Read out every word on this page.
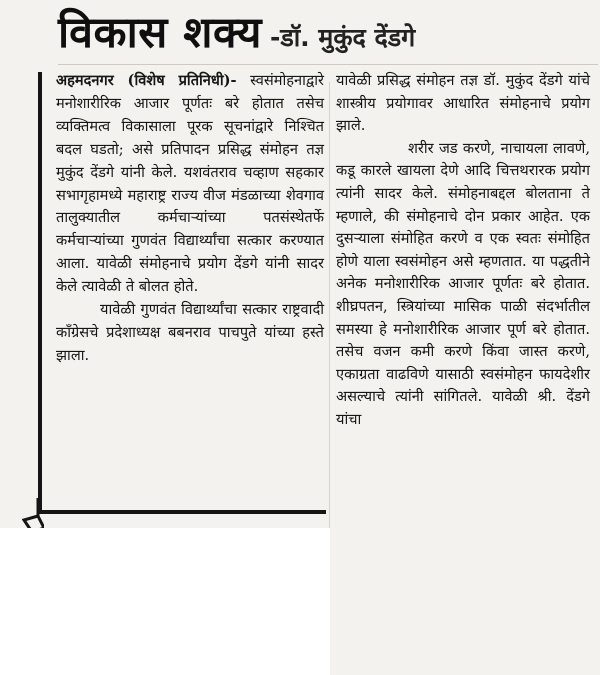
विकास शक्य -डॉ. मुकुंद देंडगे

अहमदनगर (विशेष प्रतिनिधी)- स्वसंमोहनाद्वारे मनोशारीरिक आजार पूर्णतः बरे होतात तसेच व्यक्तिमत्व विकासाला पूरक सूचनांद्वारे निश्चित बदल घडतो; असे प्रतिपादन प्रसिद्ध संमोहन तज्ञ मुकुंद देंडगे यांनी केले. यशवंतराव चव्हाण सहकार सभागृहामध्ये महाराष्ट्र राज्य वीज मंडळाच्या शेवगाव तालुक्यातील कर्मचाऱ्यांच्या पतसंस्थेतर्फे कर्मचाऱ्यांच्या गुणवंत विद्यार्थ्यांचा सत्कार करण्यात आला. यावेळी संमोहनाचे प्रयोग देंडगे यांनी सादर केले त्यावेळी ते बोलत होते.

यावेळी गुणवंत विद्यार्थ्यांचा सत्कार राष्ट्रवादी काँग्रेसचे प्रदेशाध्यक्ष बबनराव पाचपुते यांच्या हस्ते झाला.

यावेळी प्रसिद्ध संमोहन तज्ञ डॉ. मुकुंद देंडगे यांचे शास्त्रीय प्रयोगावर आधारित संमोहनाचे प्रयोग झाले.

शरीर जड करणे, नाचायला लावणे, कडू कारले खायला देणे आदि चित्तथरारक प्रयोग त्यांनी सादर केले. संमोहनाबद्दल बोलताना ते म्हणाले, की संमोहनाचे दोन प्रकार आहेत. एक दुसऱ्याला संमोहित करणे व एक स्वतः संमोहित होणे याला स्वसंमोहन असे म्हणतात. या पद्धतीने अनेक मनोशारीरिक आजार पूर्णतः बरे होतात. शीघ्रपतन, स्त्रियांच्या मासिक पाळी संदर्भातील समस्या हे मनोशारीरिक आजार पूर्ण बरे होतात. तसेच वजन कमी करणे किंवा जास्त करणे, एकाग्रता वाढविणे यासाठी स्वसंमोहन फायदेशीर असल्याचे त्यांनी सांगितले. यावेळी श्री. देंडगे यांचा
